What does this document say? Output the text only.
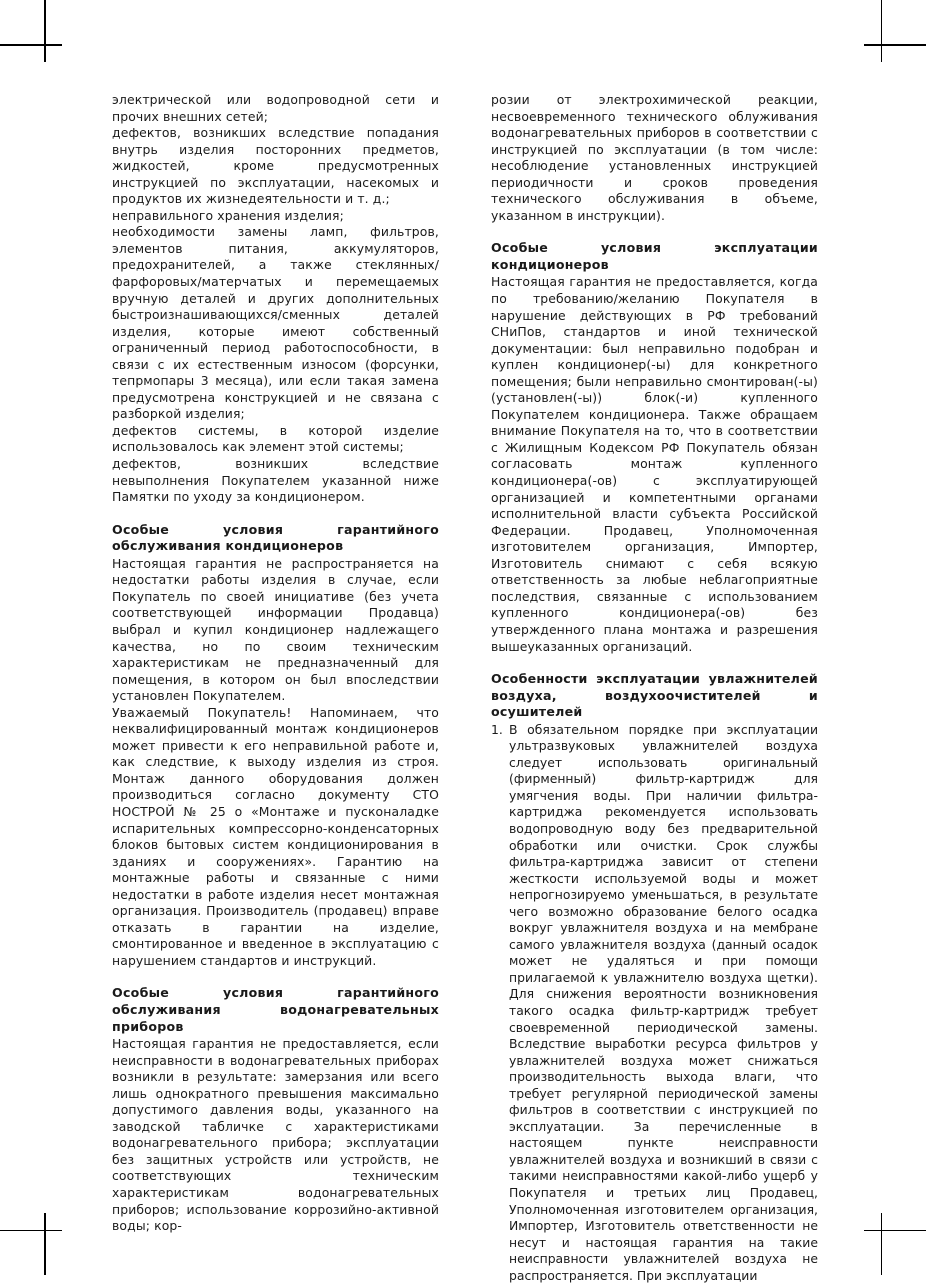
электрической или водопроводной сети и прочих внешних сетей;

дефектов, возникших вследствие попадания внутрь изделия посторонних предметов, жидкостей, кроме предусмотренных инструкцией по эксплуатации, насекомых и продуктов их жизнедеятельности и т. д.;

неправильного хранения изделия;

необходимости замены ламп, фильтров, элементов питания, аккумуляторов, предохранителей, а также стеклянных/фарфоровых/матерчатых и перемещаемых вручную деталей и других дополнительных быстроизнашивающихся/сменных деталей изделия, которые имеют собственный ограниченный период работоспособности, в связи с их естественным износом (форсунки, тепрмопары 3 месяца), или если такая замена предусмотрена конструкцией и не связана с разборкой изделия;

дефектов системы, в которой изделие использовалось как элемент этой системы;

дефектов, возникших вследствие невыполнения Покупателем указанной ниже Памятки по уходу за кондиционером.

Особые условия гарантийного обслуживания кондиционеров

Настоящая гарантия не распространяется на недостатки работы изделия в случае, если Покупатель по своей инициативе (без учета соответствующей информации Продавца) выбрал и купил кондиционер надлежащего качества, но по своим техническим характеристикам не предназначенный для помещения, в котором он был впоследствии установлен Покупателем.

Уважаемый Покупатель! Напоминаем, что неквалифицированный монтаж кондиционеров может привести к его неправильной работе и, как следствие, к выходу изделия из строя. Монтаж данного оборудования должен производиться согласно документу СТО НОСТРОЙ № 25 о «Монтаже и пусконаладке испарительных компрессорно-конденсаторных блоков бытовых систем кондиционирования в зданиях и сооружениях». Гарантию на монтажные работы и связанные с ними недостатки в работе изделия несет монтажная организация. Производитель (продавец) вправе отказать в гарантии на изделие, смонтированное и введенное в эксплуатацию с нарушением стандартов и инструкций.

Особые условия гарантийного обслуживания водонагревательных приборов

Настоящая гарантия не предоставляется, если неисправности в водонагревательных приборах возникли в результате: замерзания или всего лишь однократного превышения максимально допустимого давления воды, указанного на заводской табличке с характеристиками водонагревательного прибора; эксплуатации без защитных устройств или устройств, не соответствующих техническим характеристикам водонагревательных приборов; использование коррозийно-активной воды; кор-

розии от электрохимической реакции, несвоевременного технического облуживания водонагревательных приборов в соответствии с инструкцией по эксплуатации (в том числе: несоблюдение установленных инструкцией периодичности и сроков проведения технического обслуживания в объеме, указанном в инструкции).

Особые условия эксплуатации кондиционеров

Настоящая гарантия не предоставляется, когда по требованию/желанию Покупателя в нарушение действующих в РФ требований СНиПов, стандартов и иной технической документации: был неправильно подобран и куплен кондиционер(-ы) для конкретного помещения; были неправильно смонтирован(-ы) (установлен(-ы)) блок(-и) купленного Покупателем кондиционера. Также обращаем внимание Покупателя на то, что в соответствии с Жилищным Кодексом РФ Покупатель обязан согласовать монтаж купленного кондиционера(-ов) с эксплуатирующей организацией и компетентными органами исполнительной власти субъекта Российской Федерации. Продавец, Уполномоченная изготовителем организация, Импортер, Изготовитель снимают с себя всякую ответственность за любые неблагоприятные последствия, связанные с использованием купленного кондиционера(-ов) без утвержденного плана монтажа и разрешения вышеуказанных организаций.

Особенности эксплуатации увлажнителей воздуха, воздухоочистителей и осушителей
1. В обязательном порядке при эксплуатации ультразвуковых увлажнителей воздуха следует использовать оригинальный (фирменный) фильтр-картридж для умягчения воды. При наличии фильтра-картриджа рекомендуется использовать водопроводную воду без предварительной обработки или очистки. Срок службы фильтра-картриджа зависит от степени жесткости используемой воды и может непрогнозируемо уменьшаться, в результате чего возможно образование белого осадка вокруг увлажнителя воздуха и на мембране самого увлажнителя воздуха (данный осадок может не удаляться и при помощи прилагаемой к увлажнителю воздуха щетки). Для снижения вероятности возникновения такого осадка фильтр-картридж требует своевременной периодической замены. Вследствие выработки ресурса фильтров у увлажнителей воздуха может снижаться производительность выхода влаги, что требует регулярной периодической замены фильтров в соответствии с инструкцией по эксплуатации. За перечисленные в настоящем пункте неисправности увлажнителей воздуха и возникший в связи с такими неисправностями какой-либо ущерб у Покупателя и третьих лиц Продавец, Уполномоченная изготовителем организация, Импортер, Изготовитель ответственности не несут и настоящая гарантия на такие неисправности увлажнителей воздуха не распространяется. При эксплуатации
